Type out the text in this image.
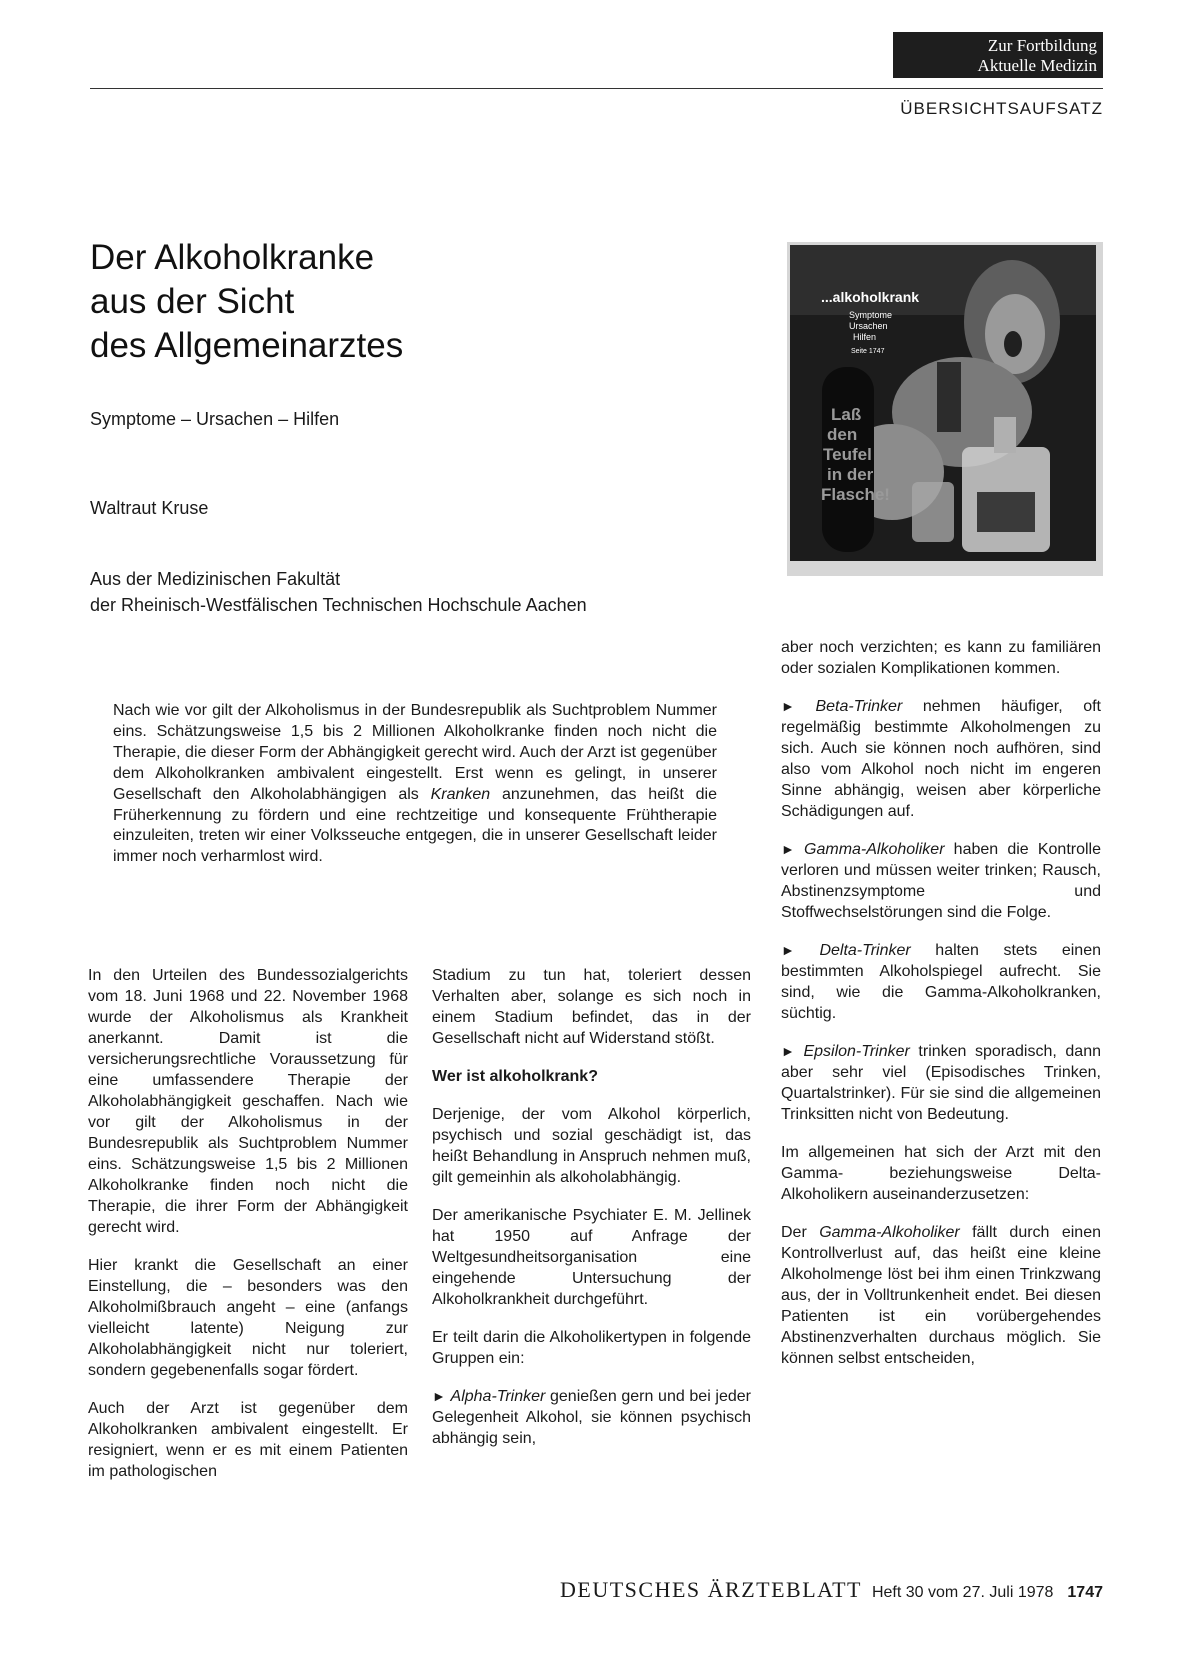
Zur Fortbildung
Aktuelle Medizin
ÜBERSICHTSAUFSATZ
Der Alkoholkranke
aus der Sicht
des Allgemeinarztes
Symptome – Ursachen – Hilfen
Waltraut Kruse
Aus der Medizinischen Fakultät
der Rheinisch-Westfälischen Technischen Hochschule Aachen
...alkoholkrank
Symptome
Ursachen
Hilfen
Seite 1747
Laß
den
Teufel
in der
Flasche!

Nach wie vor gilt der Alkoholismus in der Bundesrepublik als Suchtproblem Nummer eins. Schätzungsweise 1,5 bis 2 Millionen Alkoholkranke finden noch nicht die Therapie, die dieser Form der Abhängigkeit gerecht wird. Auch der Arzt ist gegenüber dem Alkoholkranken ambivalent eingestellt. Erst wenn es gelingt, in unserer Gesellschaft den Alkoholabhängigen als Kranken anzunehmen, das heißt die Früherkennung zu fördern und eine rechtzeitige und konsequente Frühtherapie einzuleiten, treten wir einer Volksseuche entgegen, die in unserer Gesellschaft leider immer noch verharmlost wird.

In den Urteilen des Bundessozialgerichts vom 18. Juni 1968 und 22. November 1968 wurde der Alkoholismus als Krankheit anerkannt. Damit ist die versicherungsrechtliche Voraussetzung für eine umfassendere Therapie der Alkoholabhängigkeit geschaffen. Nach wie vor gilt der Alkoholismus in der Bundesrepublik als Suchtproblem Nummer eins. Schätzungsweise 1,5 bis 2 Millionen Alkoholkranke finden noch nicht die Therapie, die ihrer Form der Abhängigkeit gerecht wird.

Hier krankt die Gesellschaft an einer Einstellung, die – besonders was den Alkoholmißbrauch angeht – eine (anfangs vielleicht latente) Neigung zur Alkoholabhängigkeit nicht nur toleriert, sondern gegebenenfalls sogar fördert.

Auch der Arzt ist gegenüber dem Alkoholkranken ambivalent eingestellt. Er resigniert, wenn er es mit einem Patienten im pathologischen

Stadium zu tun hat, toleriert dessen Verhalten aber, solange es sich noch in einem Stadium befindet, das in der Gesellschaft nicht auf Widerstand stößt.

Wer ist alkoholkrank?

Derjenige, der vom Alkohol körperlich, psychisch und sozial geschädigt ist, das heißt Behandlung in Anspruch nehmen muß, gilt gemeinhin als alkoholabhängig.

Der amerikanische Psychiater E. M. Jellinek hat 1950 auf Anfrage der Weltgesundheitsorganisation eine eingehende Untersuchung der Alkoholkrankheit durchgeführt.

Er teilt darin die Alkoholikertypen in folgende Gruppen ein:

► Alpha-Trinker genießen gern und bei jeder Gelegenheit Alkohol, sie können psychisch abhängig sein,

aber noch verzichten; es kann zu familiären oder sozialen Komplikationen kommen.

► Beta-Trinker nehmen häufiger, oft regelmäßig bestimmte Alkoholmengen zu sich. Auch sie können noch aufhören, sind also vom Alkohol noch nicht im engeren Sinne abhängig, weisen aber körperliche Schädigungen auf.

► Gamma-Alkoholiker haben die Kontrolle verloren und müssen weiter trinken; Rausch, Abstinenzsymptome und Stoffwechselstörungen sind die Folge.

► Delta-Trinker halten stets einen bestimmten Alkoholspiegel aufrecht. Sie sind, wie die Gamma-Alkoholkranken, süchtig.

► Epsilon-Trinker trinken sporadisch, dann aber sehr viel (Episodisches Trinken, Quartalstrinker). Für sie sind die allgemeinen Trinksitten nicht von Bedeutung.

Im allgemeinen hat sich der Arzt mit den Gamma- beziehungsweise Delta-Alkoholikern auseinanderzusetzen:

Der Gamma-Alkoholiker fällt durch einen Kontrollverlust auf, das heißt eine kleine Alkoholmenge löst bei ihm einen Trinkzwang aus, der in Volltrunkenheit endet. Bei diesen Patienten ist ein vorübergehendes Abstinenzverhalten durchaus möglich. Sie können selbst entscheiden,

DEUTSCHES ÄRZTEBLATT Heft 30 vom 27. Juli 1978 1747
